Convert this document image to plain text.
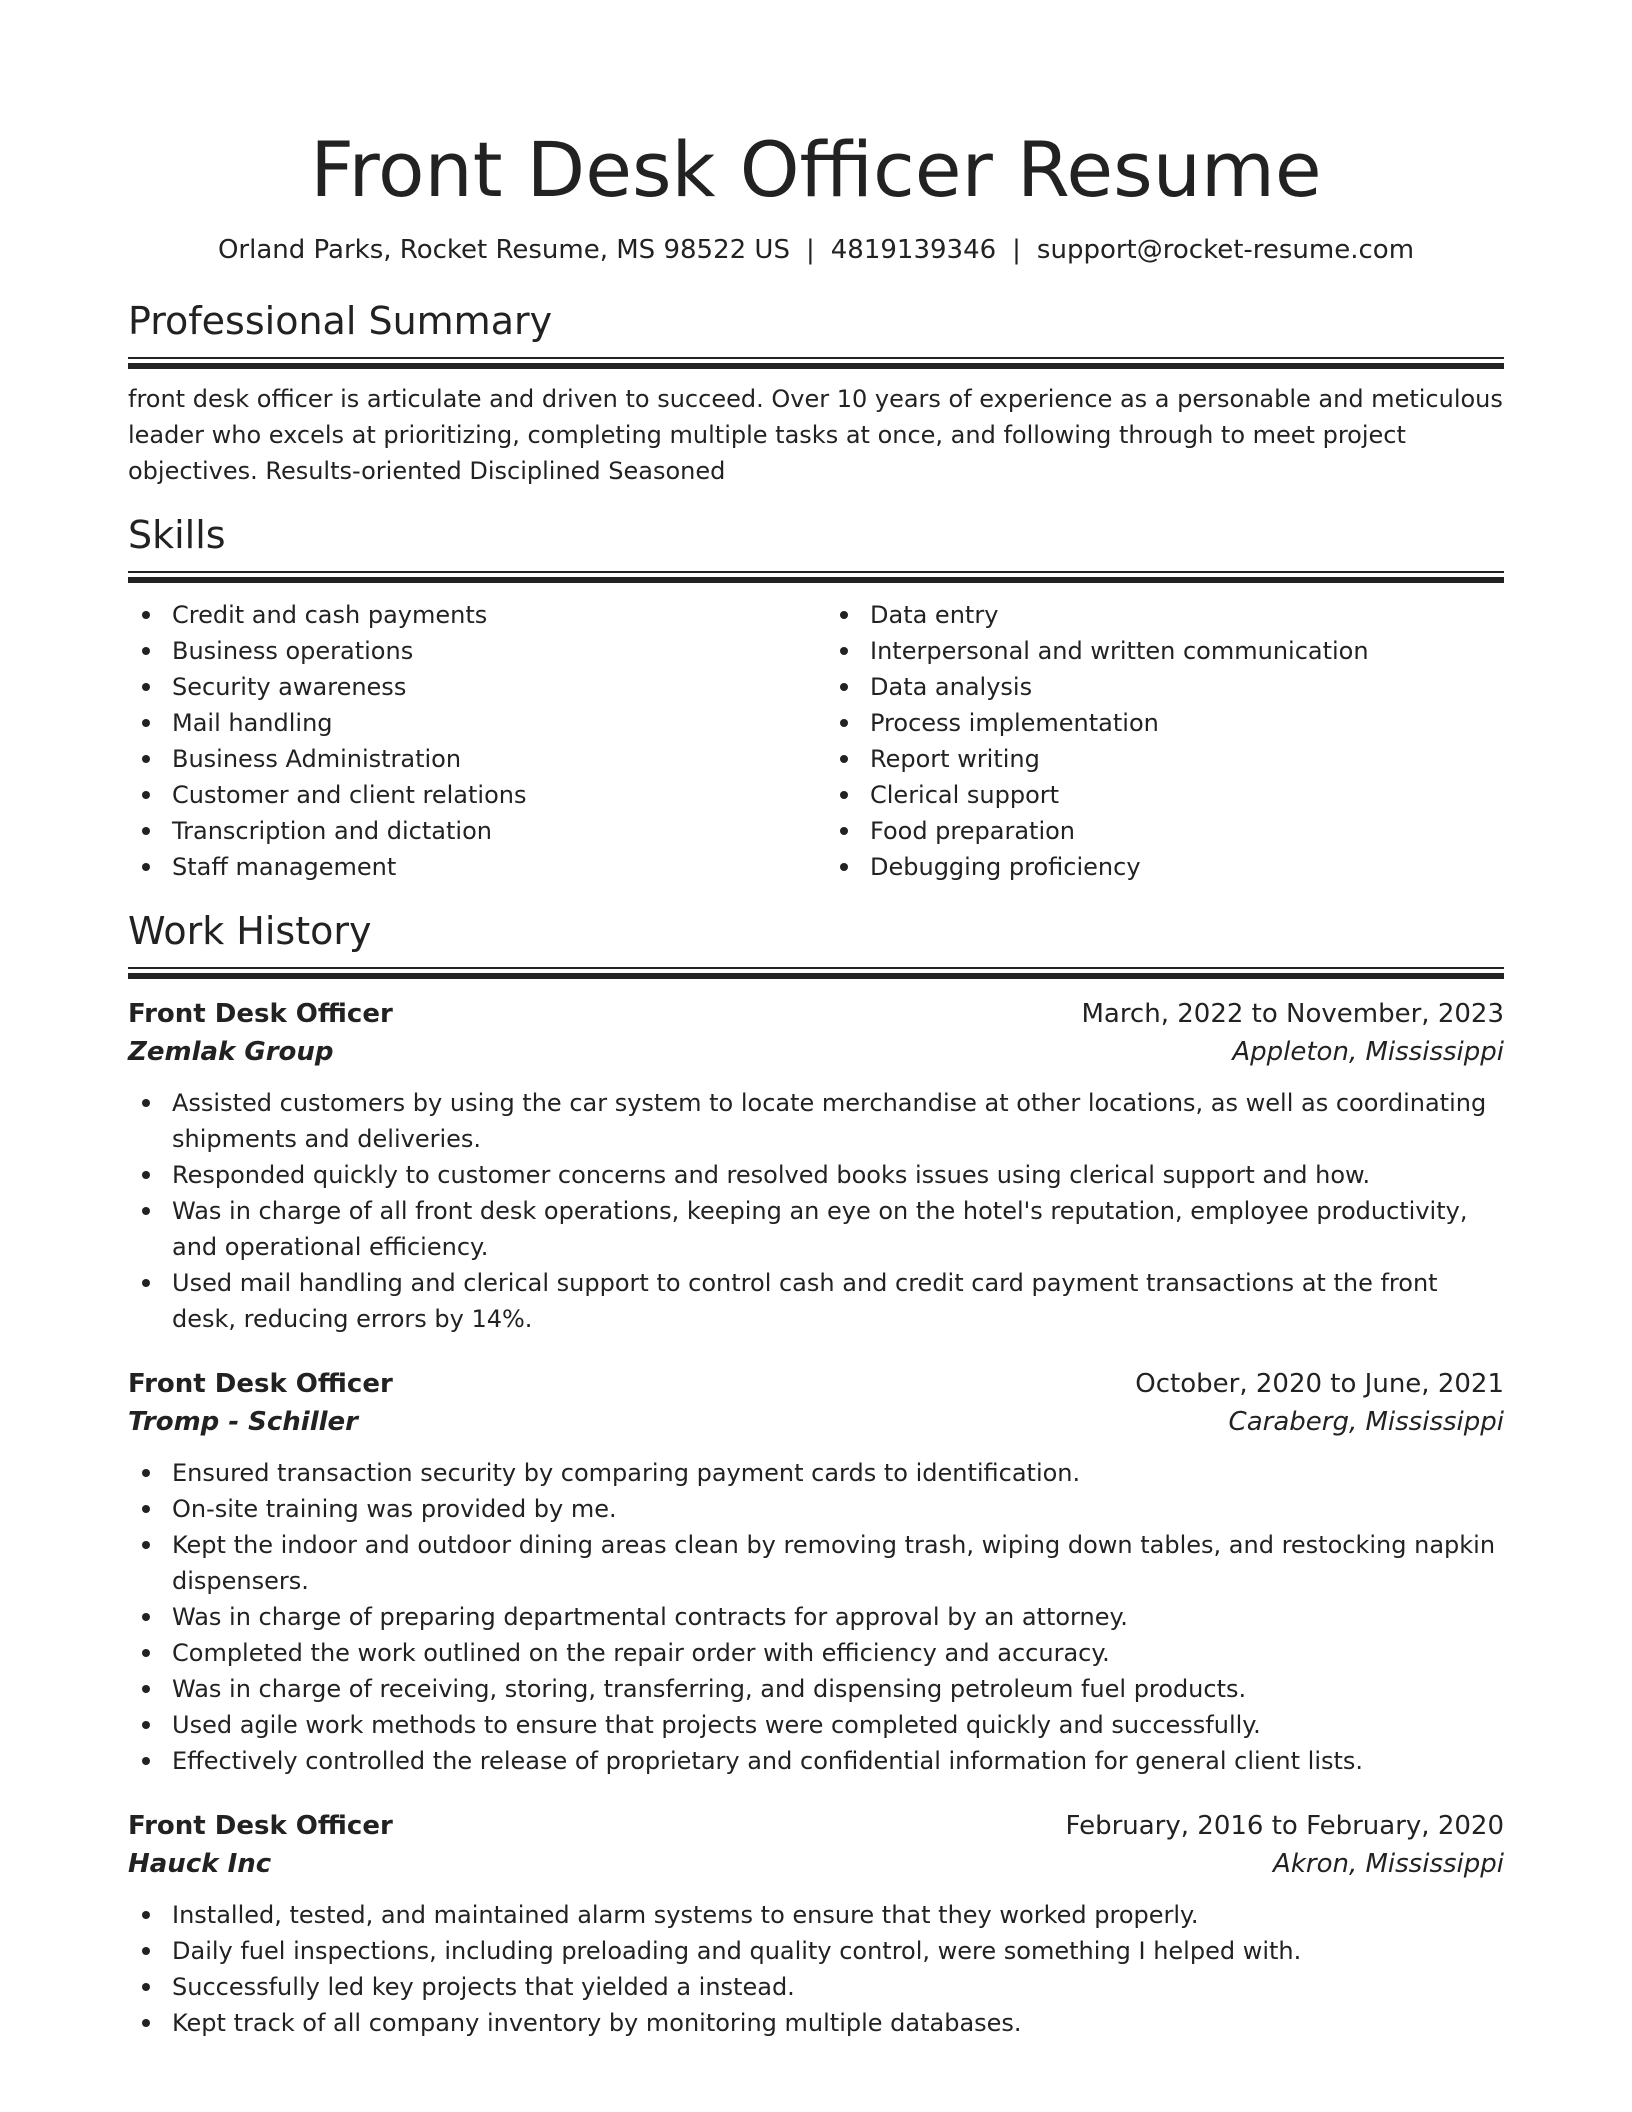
Front Desk Officer Resume
Orland Parks, Rocket Resume, MS 98522 US | 4819139346 | support@rocket-resume.com
Professional Summary
front desk officer is articulate and driven to succeed. Over 10 years of experience as a personable and meticulous leader who excels at prioritizing, completing multiple tasks at once, and following through to meet project objectives. Results-oriented Disciplined Seasoned
Skills
Credit and cash payments
Business operations
Security awareness
Mail handling
Business Administration
Customer and client relations
Transcription and dictation
Staff management
Data entry
Interpersonal and written communication
Data analysis
Process implementation
Report writing
Clerical support
Food preparation
Debugging proficiency
Work History
Front Desk Officer	March, 2022 to November, 2023
Zemlak Group	Appleton, Mississippi
Assisted customers by using the car system to locate merchandise at other locations, as well as coordinating shipments and deliveries.
Responded quickly to customer concerns and resolved books issues using clerical support and how.
Was in charge of all front desk operations, keeping an eye on the hotel's reputation, employee productivity, and operational efficiency.
Used mail handling and clerical support to control cash and credit card payment transactions at the front desk, reducing errors by 14%.
Front Desk Officer	October, 2020 to June, 2021
Tromp - Schiller	Caraberg, Mississippi
Ensured transaction security by comparing payment cards to identification.
On-site training was provided by me.
Kept the indoor and outdoor dining areas clean by removing trash, wiping down tables, and restocking napkin dispensers.
Was in charge of preparing departmental contracts for approval by an attorney.
Completed the work outlined on the repair order with efficiency and accuracy.
Was in charge of receiving, storing, transferring, and dispensing petroleum fuel products.
Used agile work methods to ensure that projects were completed quickly and successfully.
Effectively controlled the release of proprietary and confidential information for general client lists.
Front Desk Officer	February, 2016 to February, 2020
Hauck Inc	Akron, Mississippi
Installed, tested, and maintained alarm systems to ensure that they worked properly.
Daily fuel inspections, including preloading and quality control, were something I helped with.
Successfully led key projects that yielded a instead.
Kept track of all company inventory by monitoring multiple databases.
